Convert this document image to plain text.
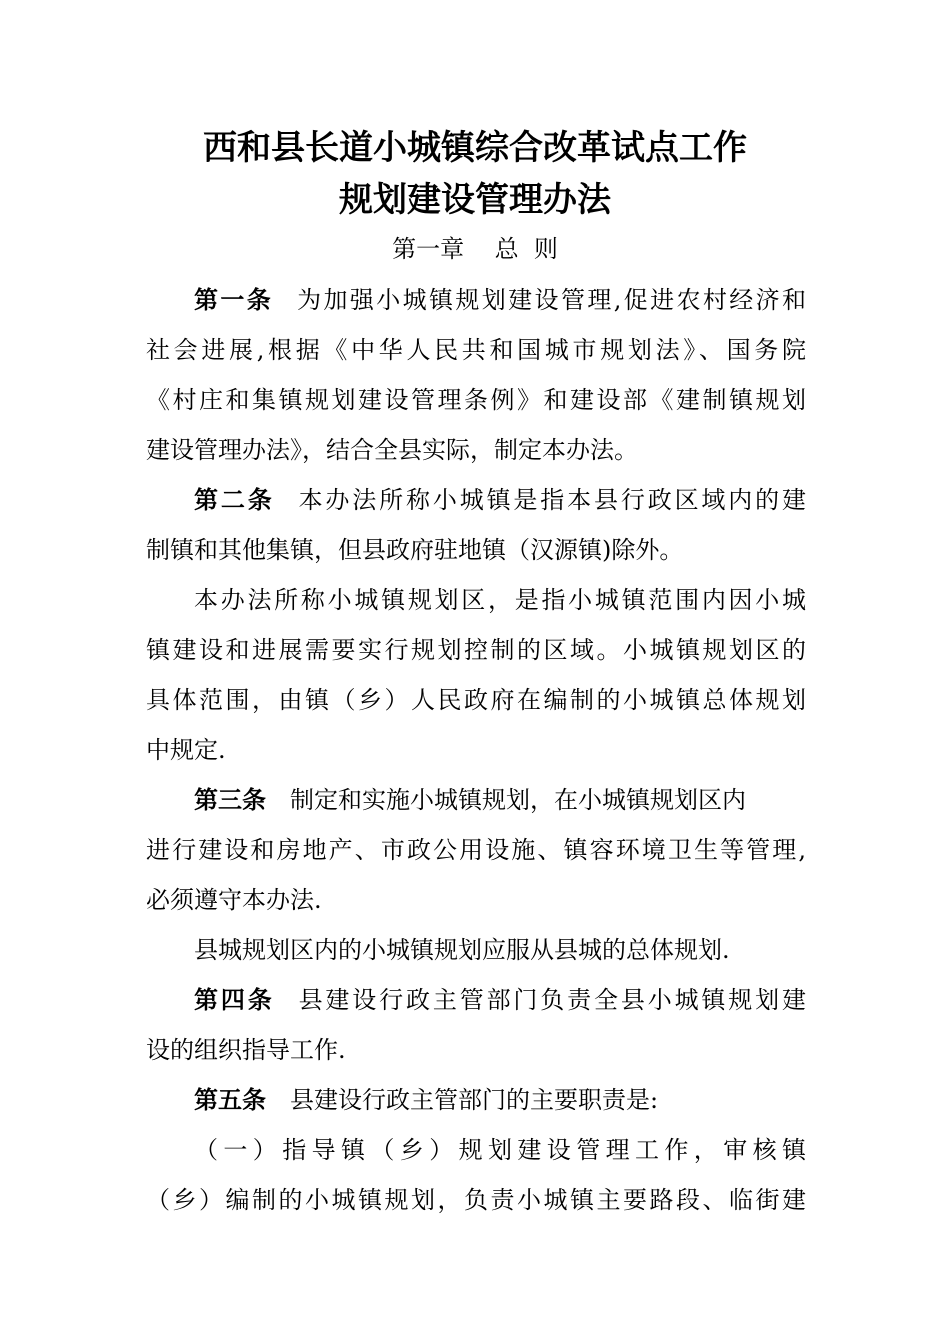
西和县长道小城镇综合改革试点工作
规划建设管理办法
第一章    总  则
第一条 为加强小城镇规划建设管理,促进农村经济和
社会进展,根据《中华人民共和国城市规划法》、国务院
《村庄和集镇规划建设管理条例》和建设部《建制镇规划
建设管理办法》，结合全县实际，制定本办法。
第二条 本办法所称小城镇是指本县行政区域内的建
制镇和其他集镇，但县政府驻地镇（汉源镇)除外。
本办法所称小城镇规划区，是指小城镇范围内因小城
镇建设和进展需要实行规划控制的区域。小城镇规划区的
具体范围，由镇（乡）人民政府在编制的小城镇总体规划
中规定.
第三条 制定和实施小城镇规划，在小城镇规划区内
进行建设和房地产、市政公用设施、镇容环境卫生等管理,
必须遵守本办法.
县城规划区内的小城镇规划应服从县城的总体规划.
第四条 县建设行政主管部门负责全县小城镇规划建
设的组织指导工作.
第五条 县建设行政主管部门的主要职责是:
（一）指导镇（乡）规划建设管理工作，审核镇
（乡）编制的小城镇规划，负责小城镇主要路段、临街建
